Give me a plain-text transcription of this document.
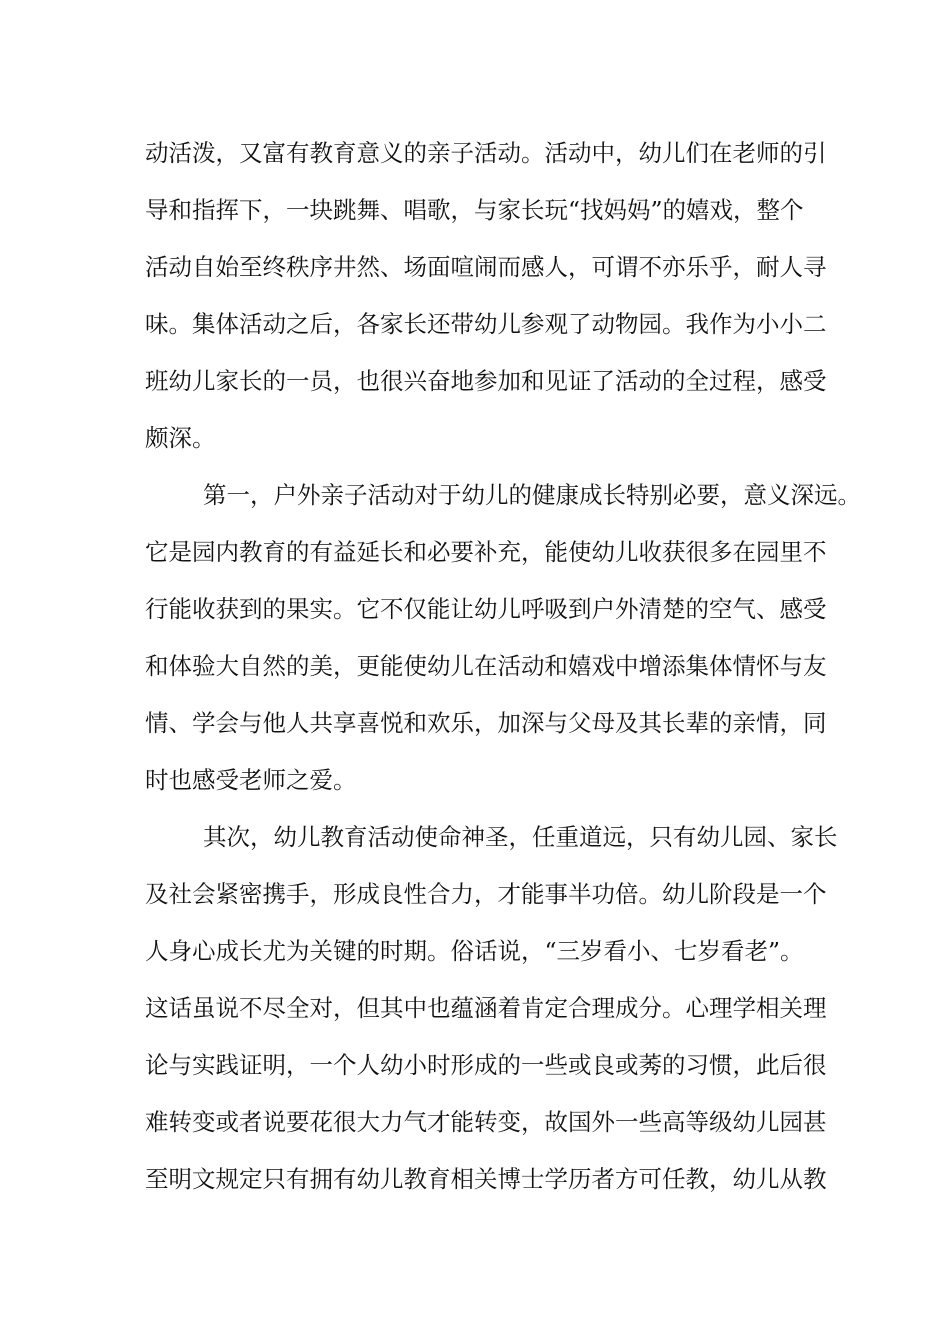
动活泼，又富有教育意义的亲子活动。活动中，幼儿们在老师的引
导和指挥下，一块跳舞、唱歌，与家长玩“找妈妈”的嬉戏，整个
活动自始至终秩序井然、场面喧闹而感人，可谓不亦乐乎，耐人寻
味。集体活动之后，各家长还带幼儿参观了动物园。我作为小小二
班幼儿家长的一员，也很兴奋地参加和见证了活动的全过程，感受
颇深。
第一，户外亲子活动对于幼儿的健康成长特别必要，意义深远。
它是园内教育的有益延长和必要补充，能使幼儿收获很多在园里不
行能收获到的果实。它不仅能让幼儿呼吸到户外清楚的空气、感受
和体验大自然的美，更能使幼儿在活动和嬉戏中增添集体情怀与友
情、学会与他人共享喜悦和欢乐，加深与父母及其长辈的亲情，同
时也感受老师之爱。
其次，幼儿教育活动使命神圣，任重道远，只有幼儿园、家长
及社会紧密携手，形成良性合力，才能事半功倍。幼儿阶段是一个
人身心成长尤为关键的时期。俗话说，“三岁看小、七岁看老”。
这话虽说不尽全对，但其中也蕴涵着肯定合理成分。心理学相关理
论与实践证明，一个人幼小时形成的一些或良或莠的习惯，此后很
难转变或者说要花很大力气才能转变，故国外一些高等级幼儿园甚
至明文规定只有拥有幼儿教育相关博士学历者方可任教，幼儿从教
